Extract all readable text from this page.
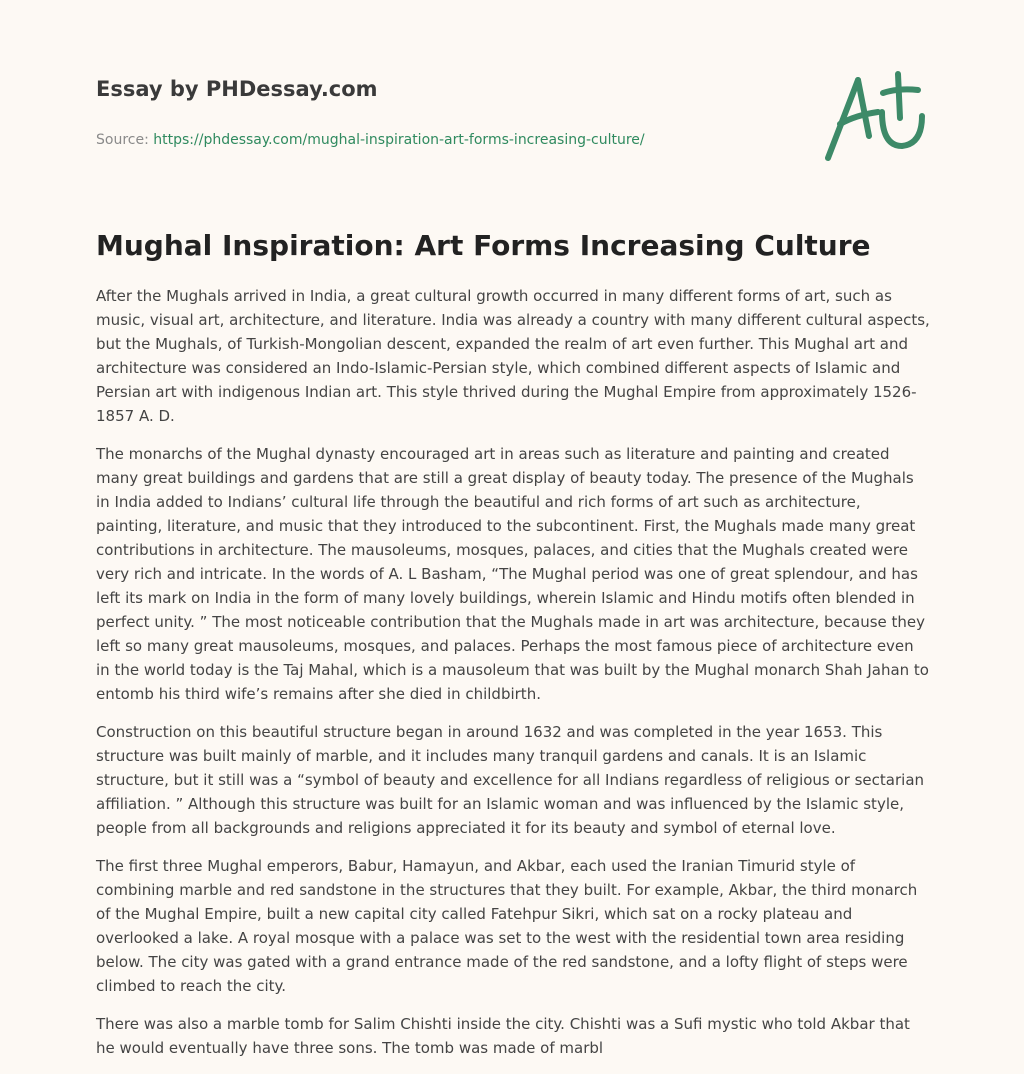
Essay by PHDessay.com
Source: https://phdessay.com/mughal-inspiration-art-forms-increasing-culture/
Mughal Inspiration: Art Forms Increasing Culture

After the Mughals arrived in India, a great cultural growth occurred in many different forms of art, such as music, visual art, architecture, and literature. India was already a country with many different cultural aspects, but the Mughals, of Turkish-Mongolian descent, expanded the realm of art even further. This Mughal art and architecture was considered an Indo-Islamic-Persian style, which combined different aspects of Islamic and Persian art with indigenous Indian art. This style thrived during the Mughal Empire from approximately 1526-1857 A. D.

The monarchs of the Mughal dynasty encouraged art in areas such as literature and painting and created many great buildings and gardens that are still a great display of beauty today. The presence of the Mughals in India added to Indians’ cultural life through the beautiful and rich forms of art such as architecture, painting, literature, and music that they introduced to the subcontinent. First, the Mughals made many great contributions in architecture. The mausoleums, mosques, palaces, and cities that the Mughals created were very rich and intricate. In the words of A. L Basham, “The Mughal period was one of great splendour, and has left its mark on India in the form of many lovely buildings, wherein Islamic and Hindu motifs often blended in perfect unity. ” The most noticeable contribution that the Mughals made in art was architecture, because they left so many great mausoleums, mosques, and palaces. Perhaps the most famous piece of architecture even in the world today is the Taj Mahal, which is a mausoleum that was built by the Mughal monarch Shah Jahan to entomb his third wife’s remains after she died in childbirth.

Construction on this beautiful structure began in around 1632 and was completed in the year 1653. This structure was built mainly of marble, and it includes many tranquil gardens and canals. It is an Islamic structure, but it still was a “symbol of beauty and excellence for all Indians regardless of religious or sectarian affiliation. ” Although this structure was built for an Islamic woman and was influenced by the Islamic style, people from all backgrounds and religions appreciated it for its beauty and symbol of eternal love.

The first three Mughal emperors, Babur, Hamayun, and Akbar, each used the Iranian Timurid style of combining marble and red sandstone in the structures that they built. For example, Akbar, the third monarch of the Mughal Empire, built a new capital city called Fatehpur Sikri, which sat on a rocky plateau and overlooked a lake. A royal mosque with a palace was set to the west with the residential town area residing below. The city was gated with a grand entrance made of the red sandstone, and a lofty flight of steps were climbed to reach the city.

There was also a marble tomb for Salim Chishti inside the city. Chishti was a Sufi mystic who told Akbar that he would eventually have three sons. The tomb was made of marbl
